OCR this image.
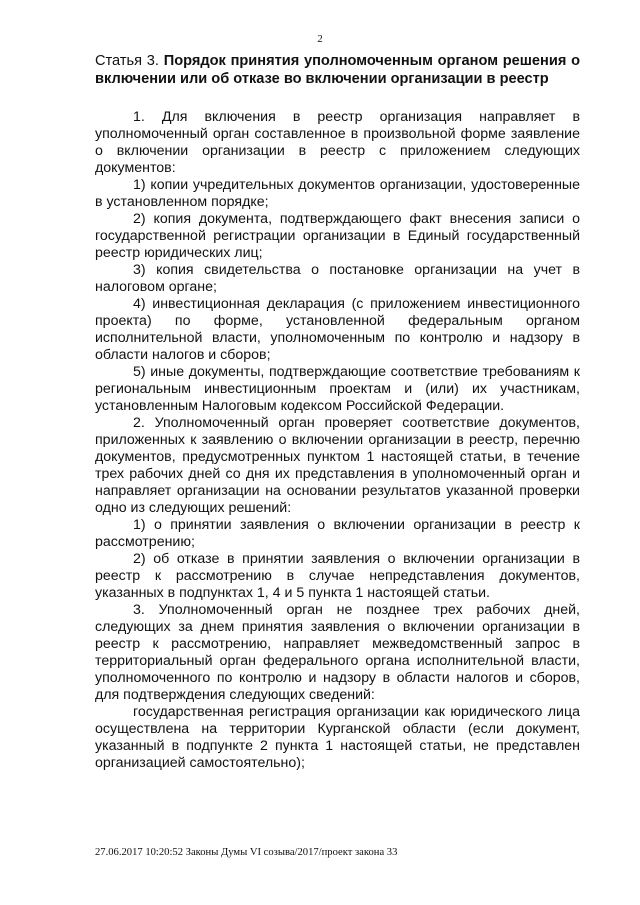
2

Статья 3. Порядок принятия уполномоченным органом решения о включении или об отказе во включении организации в реестр

1. Для включения в реестр организация направляет в уполномоченный орган составленное в произвольной форме заявление о включении организации в реестр с приложением следующих документов:

1) копии учредительных документов организации, удостоверенные в установленном порядке;

2) копия документа, подтверждающего факт внесения записи о государственной регистрации организации в Единый государственный реестр юридических лиц;

3) копия свидетельства о постановке организации на учет в налоговом органе;

4) инвестиционная декларация (с приложением инвестиционного проекта) по форме, установленной федеральным органом исполнительной власти, уполномоченным по контролю и надзору в области налогов и сборов;

5) иные документы, подтверждающие соответствие требованиям к региональным инвестиционным проектам и (или) их участникам, установленным Налоговым кодексом Российской Федерации.

2. Уполномоченный орган проверяет соответствие документов, приложенных к заявлению о включении организации в реестр, перечню документов, предусмотренных пунктом 1 настоящей статьи, в течение трех рабочих дней со дня их представления в уполномоченный орган и направляет организации на основании результатов указанной проверки одно из следующих решений:

1) о принятии заявления о включении организации в реестр к рассмотрению;

2) об отказе в принятии заявления о включении организации в реестр к рассмотрению в случае непредставления документов, указанных в подпунктах 1, 4 и 5 пункта 1 настоящей статьи.

3. Уполномоченный орган не позднее трех рабочих дней, следующих за днем принятия заявления о включении организации в реестр к рассмотрению, направляет межведомственный запрос в территориальный орган федерального органа исполнительной власти, уполномоченного по контролю и надзору в области налогов и сборов, для подтверждения следующих сведений:

государственная регистрация организации как юридического лица осуществлена на территории Курганской области (если документ, указанный в подпункте 2 пункта 1 настоящей статьи, не представлен организацией самостоятельно);

27.06.2017 10:20:52 Законы Думы VI созыва/2017/проект закона 33
